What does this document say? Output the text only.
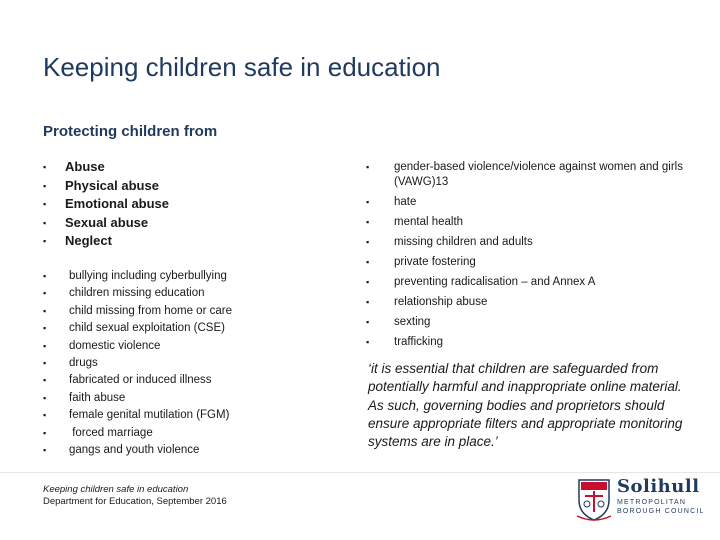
Keeping children safe in education
Protecting children from
▪ Abuse
▪ Physical abuse
▪ Emotional abuse
▪ Sexual abuse
▪ Neglect
▪ bullying including cyberbullying
▪ children missing education
▪ child missing from home or care
▪ child sexual exploitation (CSE)
▪ domestic violence
▪ drugs
▪ fabricated or induced illness
▪ faith abuse
▪ female genital mutilation (FGM)
▪ forced marriage
▪ gangs and youth violence
▪ gender-based violence/violence against women and girls (VAWG)13
▪ hate
▪ mental health
▪ missing children and adults
▪ private fostering
▪ preventing radicalisation – and Annex A
▪ relationship abuse
▪ sexting
▪ trafficking
‘it is essential that children are safeguarded from potentially harmful and inappropriate online material. As such, governing bodies and proprietors should ensure appropriate filters and appropriate monitoring systems are in place.’
Keeping children safe in education
Department for Education, September 2016
Solihull
METROPOLITAN
BOROUGH COUNCIL
